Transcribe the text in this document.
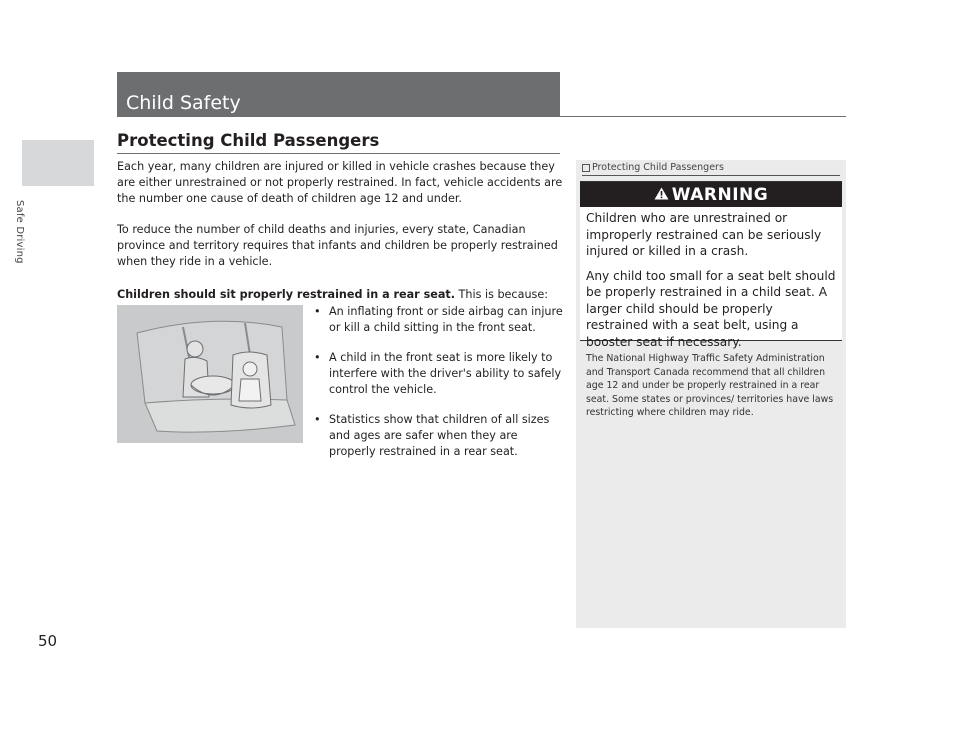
Safe Driving
50
Child Safety
Protecting Child Passengers

Each year, many children are injured or killed in vehicle crashes because they are either unrestrained or not properly restrained. In fact, vehicle accidents are the number one cause of death of children age 12 and under.

To reduce the number of child deaths and injuries, every state, Canadian province and territory requires that infants and children be properly restrained when they ride in a vehicle.

Children should sit properly restrained in a rear seat. This is because:

• An inflating front or side airbag can injure or kill a child sitting in the front seat.
• A child in the front seat is more likely to interfere with the driver's ability to safely control the vehicle.
• Statistics show that children of all sizes and ages are safer when they are properly restrained in a rear seat.
Protecting Child Passengers
WARNING

Children who are unrestrained or improperly restrained can be seriously injured or killed in a crash.

Any child too small for a seat belt should be properly restrained in a child seat. A larger child should be properly restrained with a seat belt, using a booster seat if necessary.

The National Highway Traffic Safety Administration and Transport Canada recommend that all children age 12 and under be properly restrained in a rear seat. Some states or provinces/ territories have laws restricting where children may ride.
